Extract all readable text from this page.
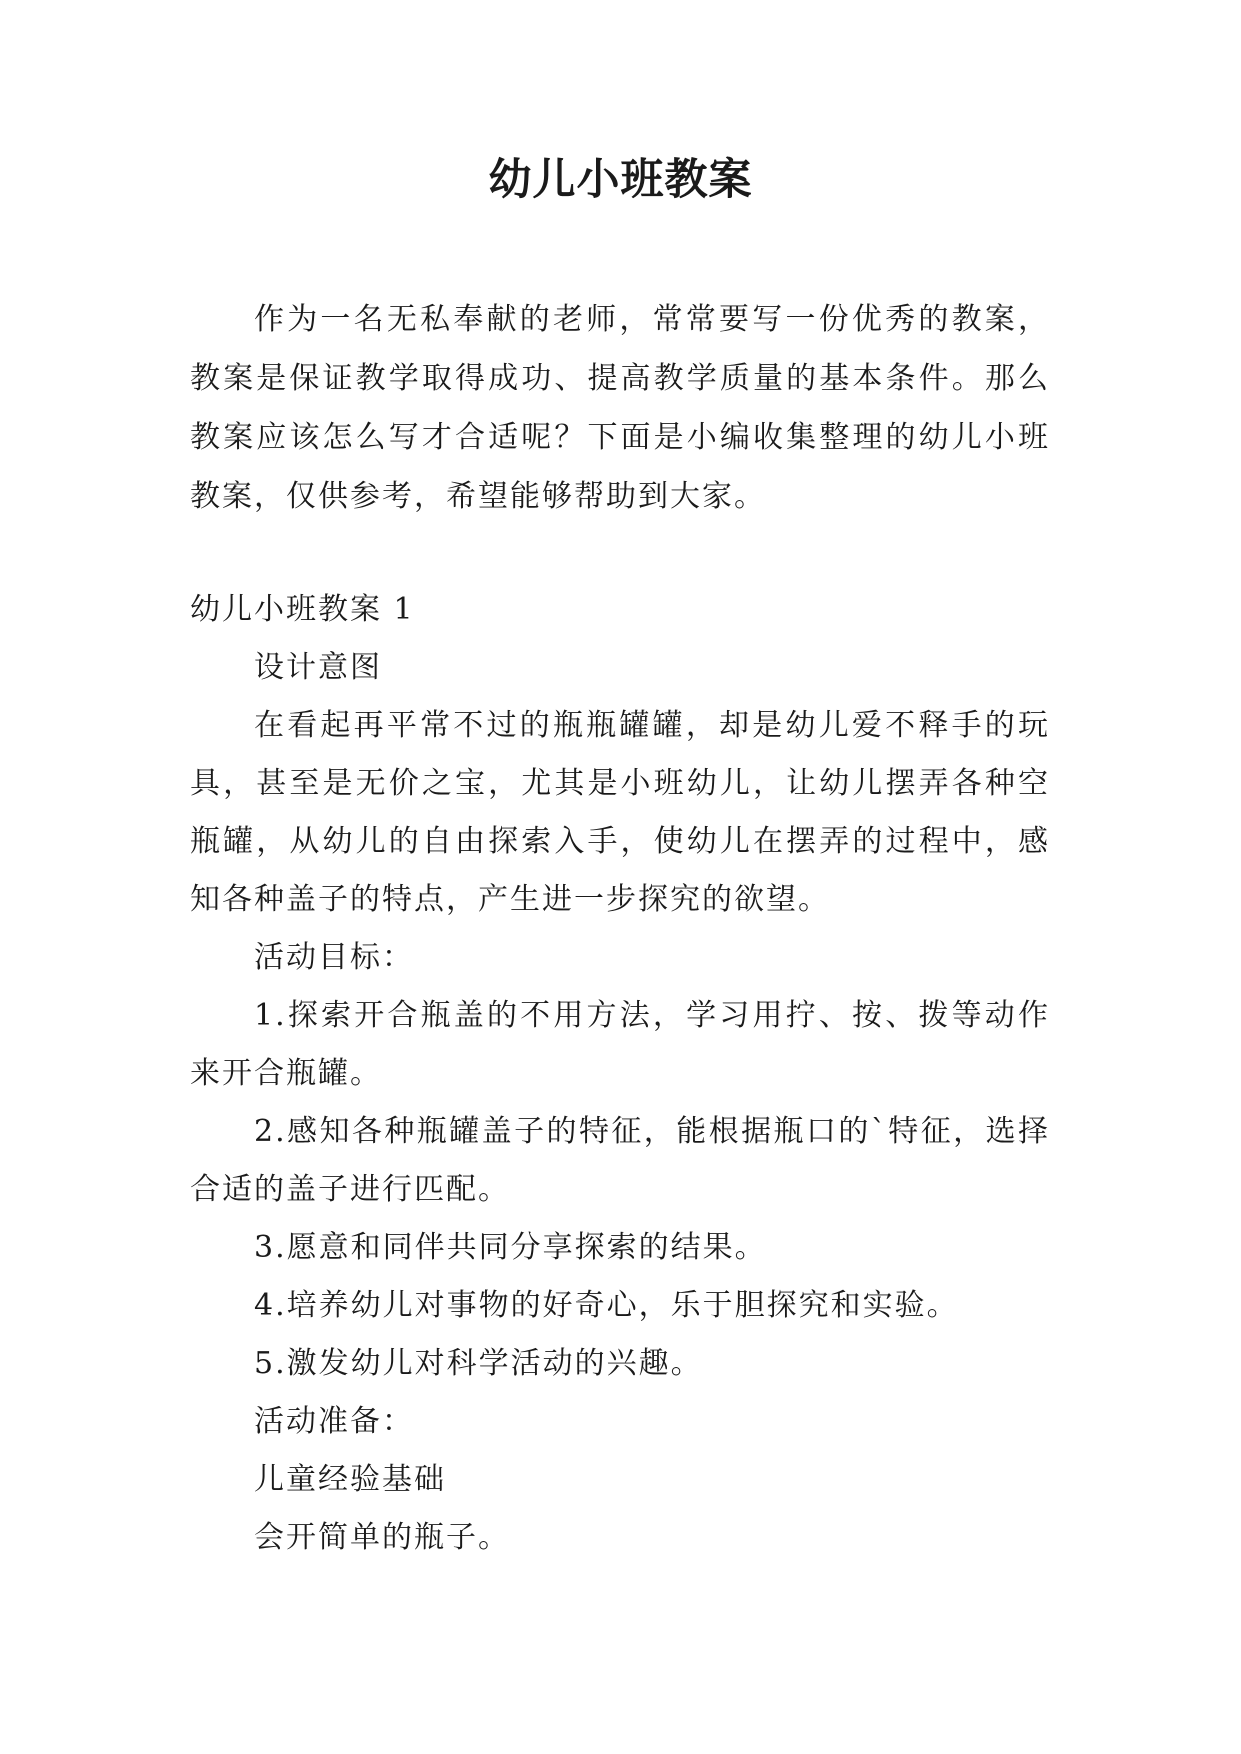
幼儿小班教案

作为一名无私奉献的老师，常常要写一份优秀的教案，教案是保证教学取得成功、提高教学质量的基本条件。那么教案应该怎么写才合适呢？下面是小编收集整理的幼儿小班教案，仅供参考，希望能够帮助到大家。

幼儿小班教案 1

设计意图

在看起再平常不过的瓶瓶罐罐，却是幼儿爱不释手的玩具，甚至是无价之宝，尤其是小班幼儿，让幼儿摆弄各种空瓶罐，从幼儿的自由探索入手，使幼儿在摆弄的过程中，感知各种盖子的特点，产生进一步探究的欲望。

活动目标：

1.探索开合瓶盖的不用方法，学习用拧、按、拨等动作来开合瓶罐。

2.感知各种瓶罐盖子的特征，能根据瓶口的`特征，选择合适的盖子进行匹配。

3.愿意和同伴共同分享探索的结果。

4.培养幼儿对事物的好奇心，乐于胆探究和实验。

5.激发幼儿对科学活动的兴趣。

活动准备：

儿童经验基础

会开简单的瓶子。
